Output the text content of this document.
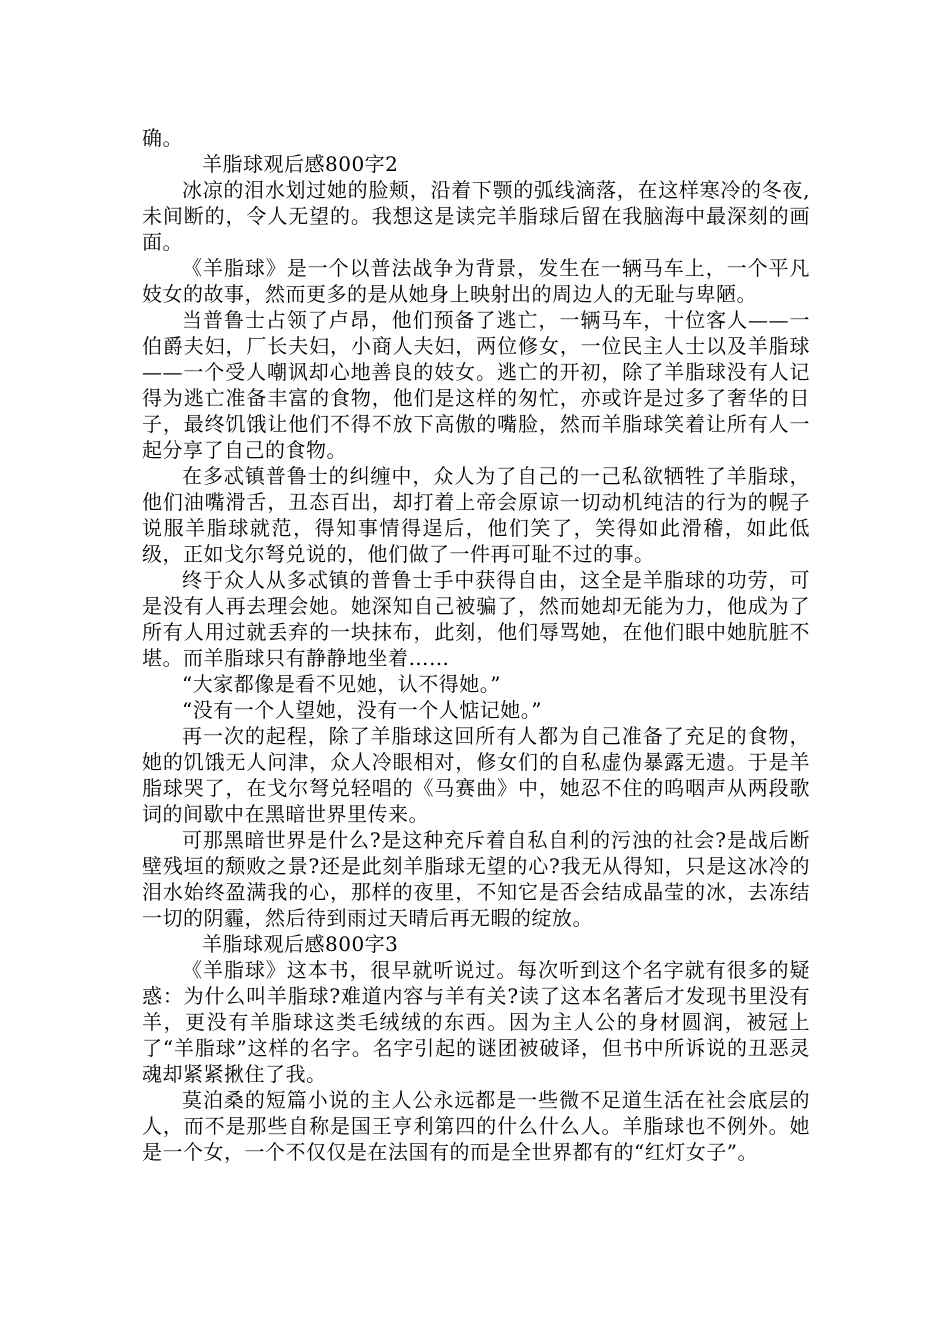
确。

羊脂球观后感800字2

冰凉的泪水划过她的脸颊，沿着下颚的弧线滴落，在这样寒冷的冬夜,未间断的，令人无望的。我想这是读完羊脂球后留在我脑海中最深刻的画面。

《羊脂球》是一个以普法战争为背景，发生在一辆马车上，一个平凡妓女的故事，然而更多的是从她身上映射出的周边人的无耻与卑陋。

当普鲁士占领了卢昂，他们预备了逃亡，一辆马车，十位客人——一伯爵夫妇，厂长夫妇，小商人夫妇，两位修女，一位民主人士以及羊脂球——一个受人嘲讽却心地善良的妓女。逃亡的开初，除了羊脂球没有人记得为逃亡准备丰富的食物，他们是这样的匆忙，亦或许是过多了奢华的日子，最终饥饿让他们不得不放下高傲的嘴脸，然而羊脂球笑着让所有人一起分享了自己的食物。

在多忒镇普鲁士的纠缠中，众人为了自己的一己私欲牺牲了羊脂球，他们油嘴滑舌，丑态百出，却打着上帝会原谅一切动机纯洁的行为的幌子说服羊脂球就范，得知事情得逞后，他们笑了，笑得如此滑稽，如此低级，正如戈尔弩兑说的，他们做了一件再可耻不过的事。

终于众人从多忒镇的普鲁士手中获得自由，这全是羊脂球的功劳，可是没有人再去理会她。她深知自己被骗了，然而她却无能为力，他成为了所有人用过就丢弃的一块抹布，此刻，他们辱骂她，在他们眼中她肮脏不堪。而羊脂球只有静静地坐着……

“大家都像是看不见她，认不得她。”

“没有一个人望她，没有一个人惦记她。”

再一次的起程，除了羊脂球这回所有人都为自己准备了充足的食物，她的饥饿无人问津，众人冷眼相对，修女们的自私虚伪暴露无遗。于是羊脂球哭了，在戈尔弩兑轻唱的《马赛曲》中，她忍不住的呜咽声从两段歌词的间歇中在黑暗世界里传来。

可那黑暗世界是什么?是这种充斥着自私自利的污浊的社会?是战后断壁残垣的颓败之景?还是此刻羊脂球无望的心?我无从得知，只是这冰冷的泪水始终盈满我的心，那样的夜里，不知它是否会结成晶莹的冰，去冻结一切的阴霾，然后待到雨过天晴后再无暇的绽放。

羊脂球观后感800字3

《羊脂球》这本书，很早就听说过。每次听到这个名字就有很多的疑惑：为什么叫羊脂球?难道内容与羊有关?读了这本名著后才发现书里没有羊，更没有羊脂球这类毛绒绒的东西。因为主人公的身材圆润，被冠上了“羊脂球”这样的名字。名字引起的谜团被破译，但书中所诉说的丑恶灵魂却紧紧揪住了我。

莫泊桑的短篇小说的主人公永远都是一些微不足道生活在社会底层的人，而不是那些自称是国王亨利第四的什么什么人。羊脂球也不例外。她是一个女，一个不仅仅是在法国有的而是全世界都有的“红灯女子”。
